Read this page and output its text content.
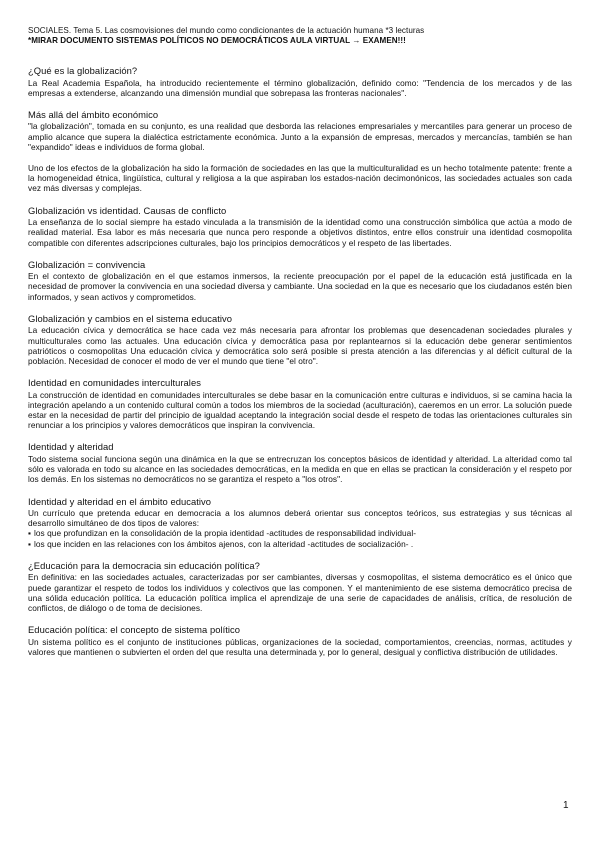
SOCIALES. Tema 5. Las cosmovisiones del mundo como condicionantes de la actuación humana *3 lecturas
*MIRAR DOCUMENTO SISTEMAS POLÍTICOS NO DEMOCRÁTICOS AULA VIRTUAL → EXAMEN!!!
¿Qué es la globalización?

La Real Academia Española, ha introducido recientemente el término globalización, definido como: "Tendencia de los mercados y de las empresas a extenderse, alcanzando una dimensión mundial que sobrepasa las fronteras nacionales".

Más allá del ámbito económico

"la globalización", tomada en su conjunto, es una realidad que desborda las relaciones empresariales y mercantiles para generar un proceso de amplio alcance que supera la dialéctica estrictamente económica. Junto a la expansión de empresas, mercados y mercancías, también se han "expandido" ideas e individuos de forma global.

Uno de los efectos de la globalización ha sido la formación de sociedades en las que la multiculturalidad es un hecho totalmente patente: frente a la homogeneidad étnica, lingüística, cultural y religiosa a la que aspiraban los estados-nación decimonónicos, las sociedades actuales son cada vez más diversas y complejas.

Globalización vs identidad. Causas de conflicto

La enseñanza de lo social siempre ha estado vinculada a la transmisión de la identidad como una construcción simbólica que actúa a modo de realidad material. Esa labor es más necesaria que nunca pero responde a objetivos distintos, entre ellos construir una identidad cosmopolita compatible con diferentes adscripciones culturales, bajo los principios democráticos y el respeto de las libertades.

Globalización = convivencia

En el contexto de globalización en el que estamos inmersos, la reciente preocupación por el papel de la educación está justificada en la necesidad de promover la convivencia en una sociedad diversa y cambiante. Una sociedad en la que es necesario que los ciudadanos estén bien informados, y sean activos y comprometidos.

Globalización y cambios en el sistema educativo

La educación cívica y democrática se hace cada vez más necesaria para afrontar los problemas que desencadenan sociedades plurales y multiculturales como las actuales. Una educación cívica y democrática pasa por replantearnos si la educación debe generar sentimientos patrióticos o cosmopolitas Una educación cívica y democrática solo será posible si presta atención a las diferencias y al déficit cultural de la población. Necesidad de conocer el modo de ver el mundo que tiene "el otro".

Identidad en comunidades interculturales

La construcción de identidad en comunidades interculturales se debe basar en la comunicación entre culturas e individuos, si se camina hacia la integración apelando a un contenido cultural común a todos los miembros de la sociedad (aculturación), caeremos en un error. La solución puede estar en la necesidad de partir del principio de igualdad aceptando la integración social desde el respeto de todas las orientaciones culturales sin renunciar a los principios y valores democráticos que inspiran la convivencia.

Identidad y alteridad

Todo sistema social funciona según una dinámica en la que se entrecruzan los conceptos básicos de identidad y alteridad. La alteridad como tal sólo es valorada en todo su alcance en las sociedades democráticas, en la medida en que en ellas se practican la consideración y el respeto por los demás. En los sistemas no democráticos no se garantiza el respeto a "los otros".

Identidad y alteridad en el ámbito educativo

Un currículo que pretenda educar en democracia a los alumnos deberá orientar sus conceptos teóricos, sus estrategias y sus técnicas al desarrollo simultáneo de dos tipos de valores:

▪ los que profundizan en la consolidación de la propia identidad -actitudes de responsabilidad individual-
▪ los que inciden en las relaciones con los ámbitos ajenos, con la alteridad -actitudes de socialización- .
¿Educación para la democracia sin educación política?

En definitiva: en las sociedades actuales, caracterizadas por ser cambiantes, diversas y cosmopolitas, el sistema democrático es el único que puede garantizar el respeto de todos los individuos y colectivos que las componen. Y el mantenimiento de ese sistema democrático precisa de una sólida educación política. La educación política implica el aprendizaje de una serie de capacidades de análisis, crítica, de resolución de conflictos, de diálogo o de toma de decisiones.

Educación política: el concepto de sistema político

Un sistema político es el conjunto de instituciones públicas, organizaciones de la sociedad, comportamientos, creencias, normas, actitudes y valores que mantienen o subvierten el orden del que resulta una determinada y, por lo general, desigual y conflictiva distribución de utilidades.

1
